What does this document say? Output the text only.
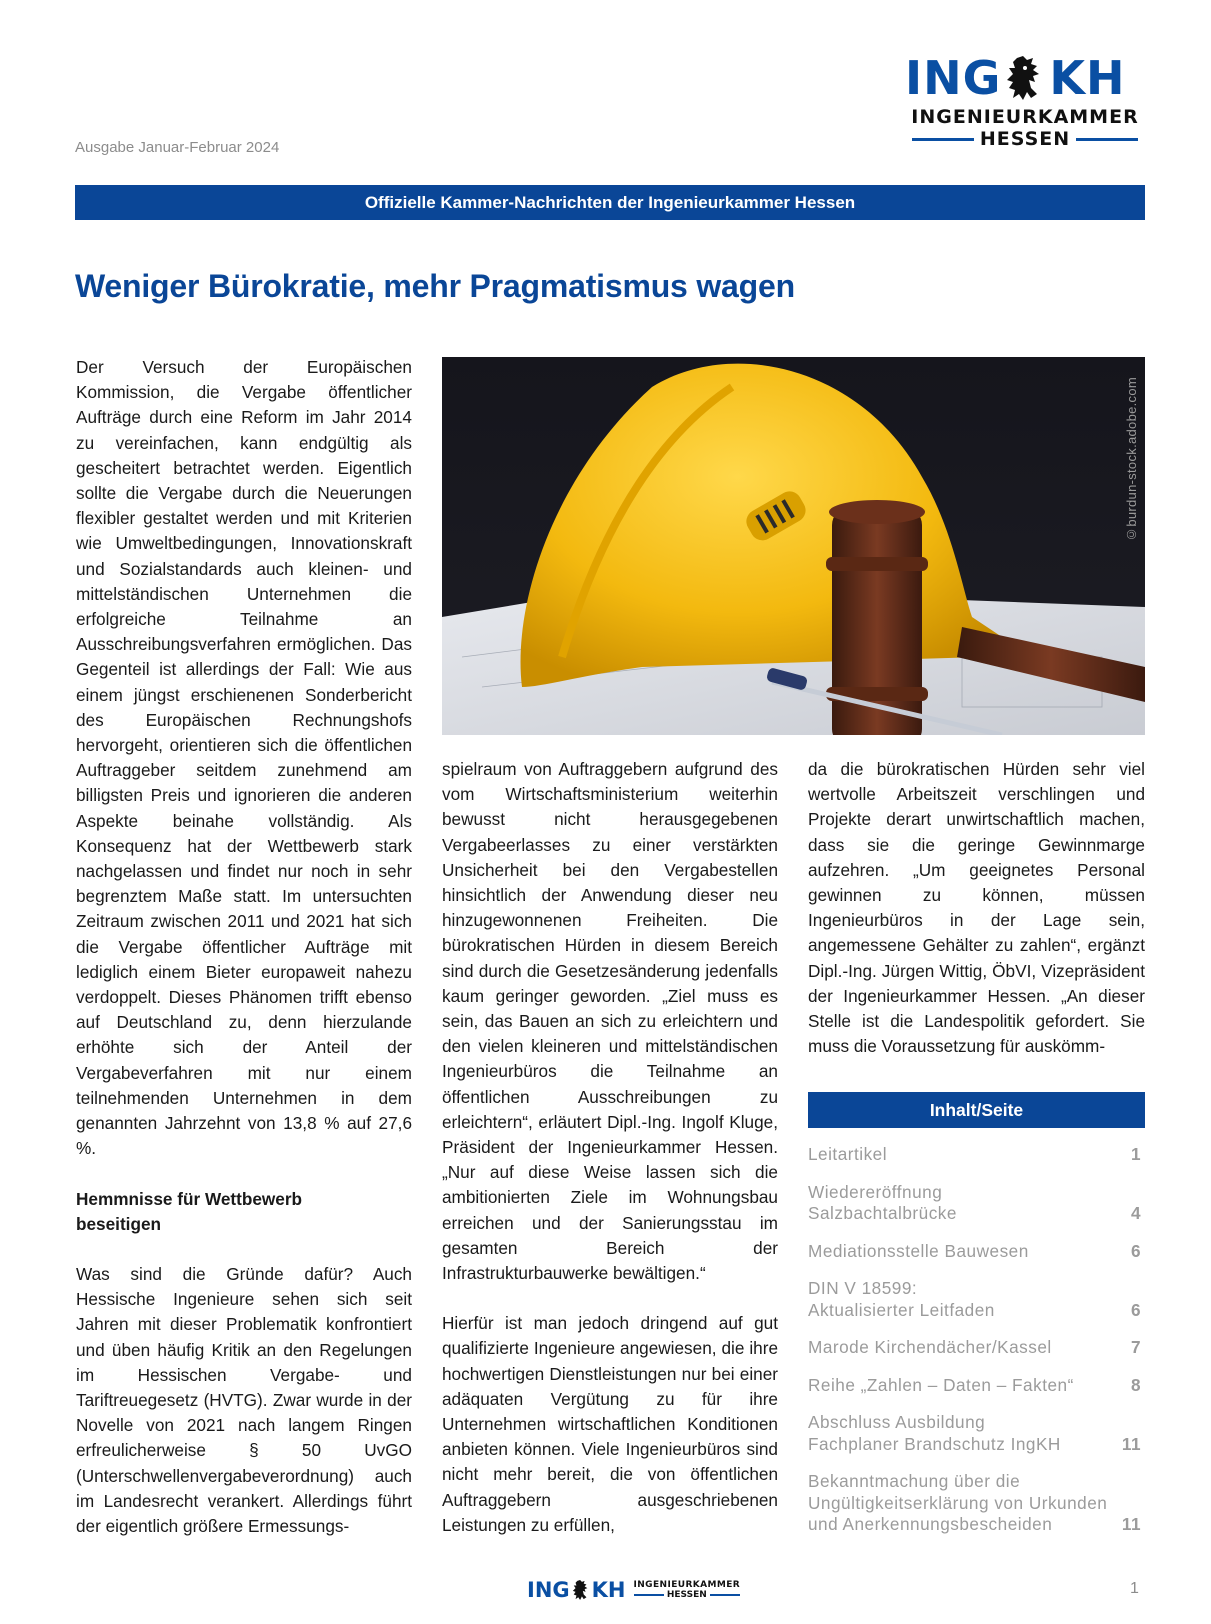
ING KH
INGENIEURKAMMER
HESSEN
Ausgabe Januar-Februar 2024
Offizielle Kammer-Nachrichten der Ingenieurkammer Hessen
Weniger Bürokratie, mehr Pragmatismus wagen

Der Versuch der Europäischen Kommission, die Vergabe öffentlicher Aufträge durch eine Reform im Jahr 2014 zu vereinfachen, kann endgültig als gescheitert betrachtet werden. Eigentlich sollte die Vergabe durch die Neuerungen flexibler gestaltet werden und mit Kriterien wie Umweltbedingungen, Innovationskraft und Sozialstandards auch kleinen- und mittelständischen Unternehmen die erfolgreiche Teilnahme an Ausschreibungsverfahren ermöglichen. Das Gegenteil ist allerdings der Fall: Wie aus einem jüngst erschienenen Sonderbericht des Europäischen Rechnungshofs hervorgeht, orientieren sich die öffentlichen Auftraggeber seitdem zunehmend am billigsten Preis und ignorieren die anderen Aspekte beinahe vollständig. Als Konsequenz hat der Wettbewerb stark nachgelassen und findet nur noch in sehr begrenztem Maße statt. Im untersuchten Zeitraum zwischen 2011 und 2021 hat sich die Vergabe öffentlicher Aufträge mit lediglich einem Bieter europaweit nahezu verdoppelt. Dieses Phänomen trifft ebenso auf Deutschland zu, denn hierzulande erhöhte sich der Anteil der Vergabeverfahren mit nur einem teilnehmenden Unternehmen in dem genannten Jahrzehnt von 13,8 % auf 27,6 %.

Hemmnisse für Wettbewerb
beseitigen

Was sind die Gründe dafür? Auch Hessische Ingenieure sehen sich seit Jahren mit dieser Problematik konfrontiert und üben häufig Kritik an den Regelungen im Hessischen Vergabe- und Tariftreuegesetz (HVTG). Zwar wurde in der Novelle von 2021 nach langem Ringen erfreulicherweise § 50 UvGO (Unterschwellenvergabeverordnung) auch im Landesrecht verankert. Allerdings führt der eigentlich größere Ermessungs-

©burdun-stock.adobe.com

spielraum von Auftraggebern aufgrund des vom Wirtschaftsministerium weiterhin bewusst nicht herausgegebenen Vergabeerlasses zu einer verstärkten Unsicherheit bei den Vergabestellen hinsichtlich der Anwendung dieser neu hinzugewonnenen Freiheiten. Die bürokratischen Hürden in diesem Bereich sind durch die Gesetzesänderung jedenfalls kaum geringer geworden. „Ziel muss es sein, das Bauen an sich zu erleichtern und den vielen kleineren und mittelständischen Ingenieurbüros die Teilnahme an öffentlichen Ausschreibungen zu erleichtern“, erläutert Dipl.-Ing. Ingolf Kluge, Präsident der Ingenieurkammer Hessen. „Nur auf diese Weise lassen sich die ambitionierten Ziele im Wohnungsbau erreichen und der Sanierungsstau im gesamten Bereich der Infrastrukturbauwerke bewältigen.“

Hierfür ist man jedoch dringend auf gut qualifizierte Ingenieure angewiesen, die ihre hochwertigen Dienstleistungen nur bei einer adäquaten Vergütung zu für ihre Unternehmen wirtschaftlichen Konditionen anbieten können. Viele Ingenieurbüros sind nicht mehr bereit, die von öffentlichen Auftraggebern ausgeschriebenen Leistungen zu erfüllen,

da die bürokratischen Hürden sehr viel wertvolle Arbeitszeit verschlingen und Projekte derart unwirtschaftlich machen, dass sie die geringe Gewinnmarge aufzehren. „Um geeignetes Personal gewinnen zu können, müssen Ingenieurbüros in der Lage sein, angemessene Gehälter zu zahlen“, ergänzt Dipl.-Ing. Jürgen Wittig, ÖbVI, Vizepräsident der Ingenieurkammer Hessen. „An dieser Stelle ist die Landespolitik gefordert. Sie muss die Voraussetzung für auskömm-

Inhalt/Seite
Leitartikel	1
Wiedereröffnung
Salzbachtalbrücke	4
Mediationsstelle Bauwesen	6
DIN V 18599:
Aktualisierter Leitfaden	6
Marode Kirchendächer/Kassel	7
Reihe „Zahlen – Daten – Fakten“	8
Abschluss Ausbildung
Fachplaner Brandschutz IngKH	11
Bekanntmachung über die
Ungültigkeitserklärung von Urkunden
und Anerkennungsbescheiden	11
ING KH INGENIEURKAMMER
HESSEN	1
